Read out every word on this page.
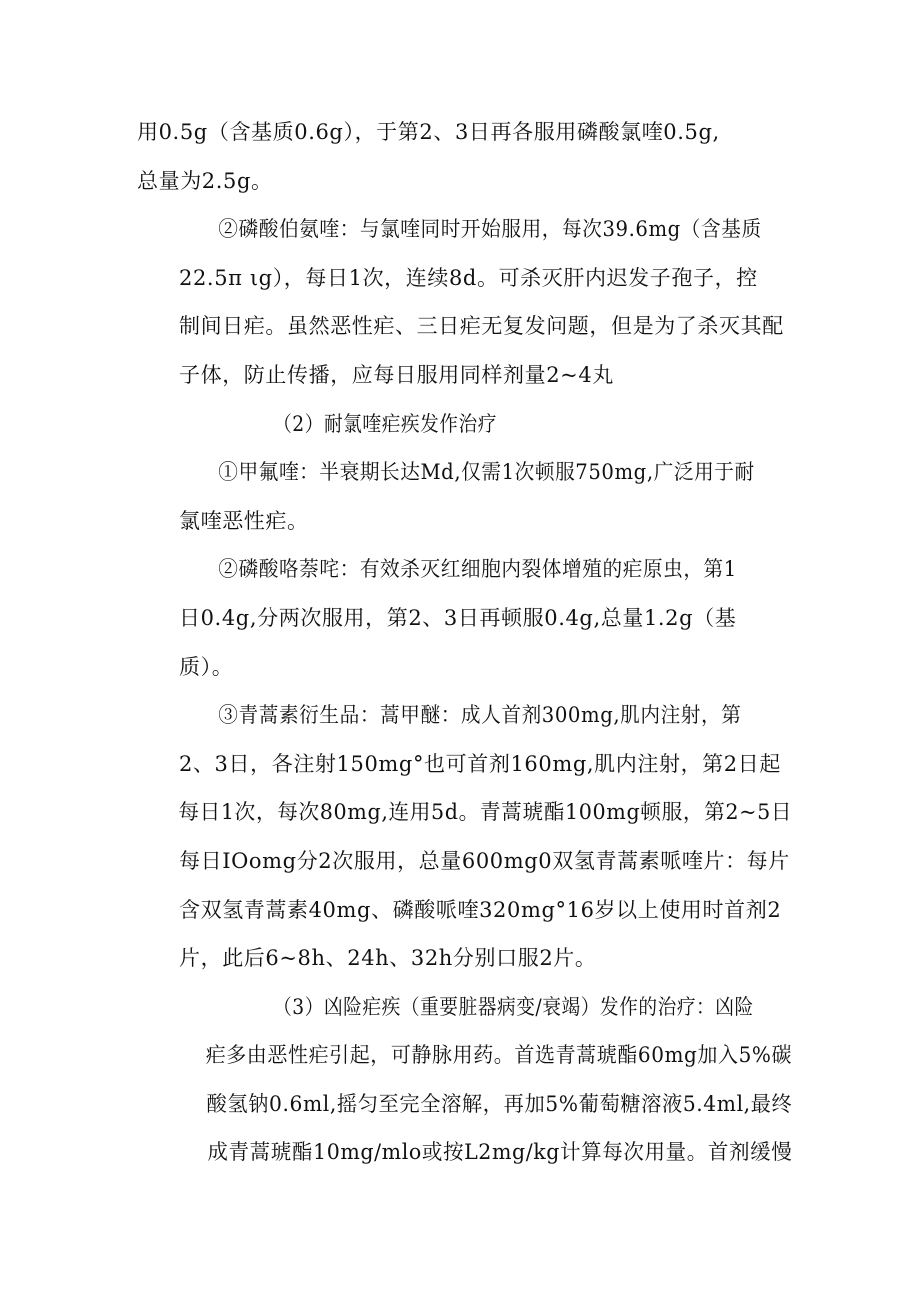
用0.5g（含基质0.6g），于第2、3日再各服用磷酸氯喹0.5g,
总量为2.5g。

②磷酸伯氨喹：与氯喹同时开始服用，每次39.6mg（含基质
22.5π ιg），每日1次，连续8d。可杀灭肝内迟发子孢子，控
制间日疟。虽然恶性疟、三日疟无复发问题，但是为了杀灭其配
子体，防止传播，应每日服用同样剂量2~4丸

（2）耐氯喹疟疾发作治疗

①甲氟喹：半衰期长达Md,仅需1次顿服750mg,广泛用于耐
氯喹恶性疟。

②磷酸咯萘咤：有效杀灭红细胞内裂体增殖的疟原虫，第1
日0.4g,分两次服用，第2、3日再顿服0.4g,总量1.2g（基
质）。

③青蒿素衍生品：蒿甲醚：成人首剂300mg,肌内注射，第
2、3日，各注射150mg°也可首剂160mg,肌内注射，第2日起
每日1次，每次80mg,连用5d。青蒿琥酯100mg顿服，第2~5日
每日IOomg分2次服用，总量600mg0双氢青蒿素哌喹片：每片
含双氢青蒿素40mg、磷酸哌喹320mg°16岁以上使用时首剂2
片，此后6~8h、24h、32h分别口服2片。

（3）凶险疟疾（重要脏器病变/衰竭）发作的治疗：凶险 疟多由恶性疟引起，可静脉用药。首选青蒿琥酯60mg加入5%碳 酸氢钠0.6ml,摇匀至完全溶解，再加5%葡萄糖溶液5.4ml,最终 成青蒿琥酯10mg/mlo或按L2mg/kg计算每次用量。首剂缓慢
